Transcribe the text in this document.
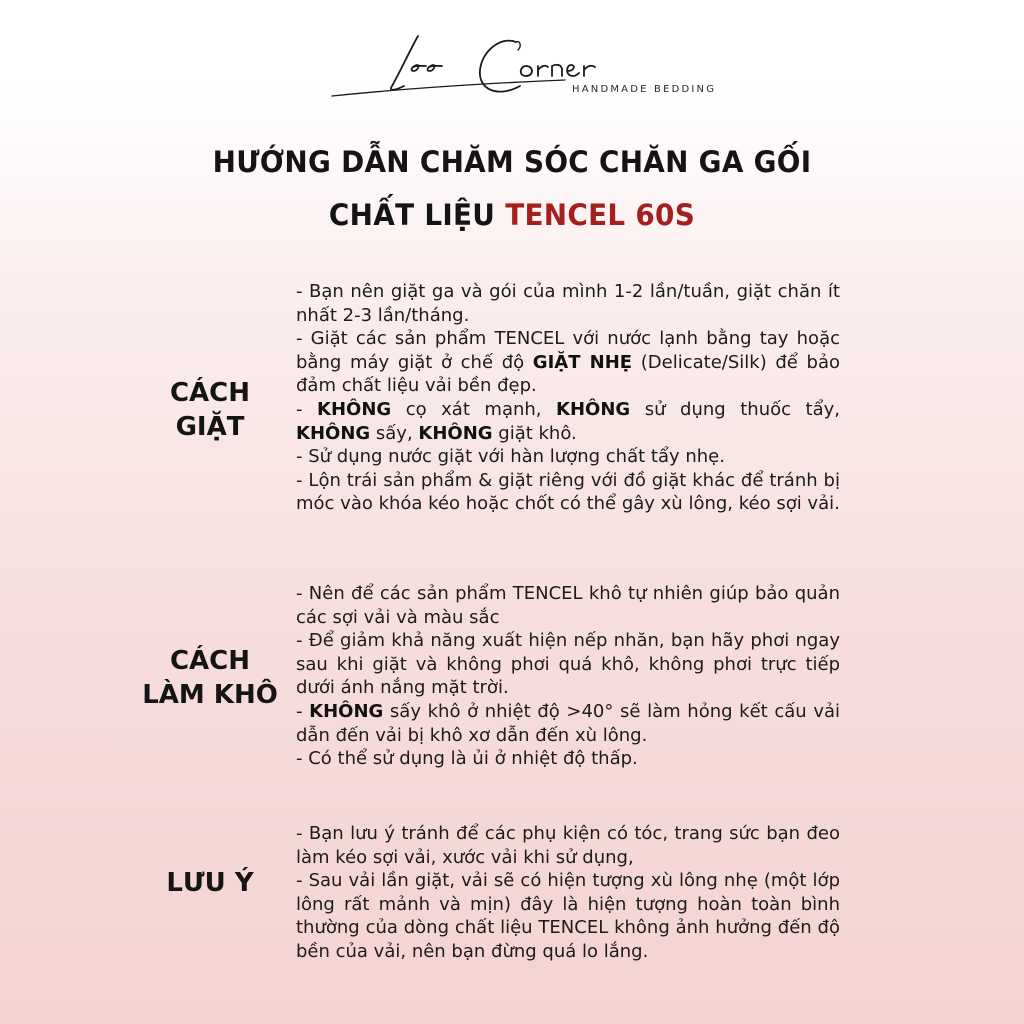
HANDMADE BEDDING
HƯỚNG DẪN CHĂM SÓC CHĂN GA GỐI
CHẤT LIỆU TENCEL 60S
CÁCH
GIẶT

- Bạn nên giặt ga và gói của mình 1-2 lần/tuần, giặt chăn ít nhất 2-3 lần/tháng.

- Giặt các sản phẩm TENCEL với nước lạnh bằng tay hoặc bằng máy giặt ở chế độ GIẶT NHẸ (Delicate/Silk) để bảo đảm chất liệu vải bền đẹp.

- KHÔNG cọ xát mạnh, KHÔNG sử dụng thuốc tẩy, KHÔNG sấy, KHÔNG giặt khô.

- Sử dụng nước giặt với hàn lượng chất tẩy nhẹ.

- Lộn trái sản phẩm & giặt riêng với đồ giặt khác để tránh bị móc vào khóa kéo hoặc chốt có thể gây xù lông, kéo sợi vải.

CÁCH
LÀM KHÔ

- Nên để các sản phẩm TENCEL khô tự nhiên giúp bảo quản các sợi vải và màu sắc

- Để giảm khả năng xuất hiện nếp nhăn, bạn hãy phơi ngay sau khi giặt và không phơi quá khô, không phơi trực tiếp dưới ánh nắng mặt trời.

- KHÔNG sấy khô ở nhiệt độ >40° sẽ làm hỏng kết cấu vải dẫn đến vải bị khô xơ dẫn đến xù lông.

- Có thể sử dụng là ủi ở nhiệt độ thấp.

LƯU Ý

- Bạn lưu ý tránh để các phụ kiện có tóc, trang sức bạn đeo làm kéo sợi vải, xước vải khi sử dụng,

- Sau vải lần giặt, vải sẽ có hiện tượng xù lông nhẹ (một lớp lông rất mảnh và mịn) đây là hiện tượng hoàn toàn bình thường của dòng chất liệu TENCEL không ảnh hưởng đến độ bền của vải, nên bạn đừng quá lo lắng.
